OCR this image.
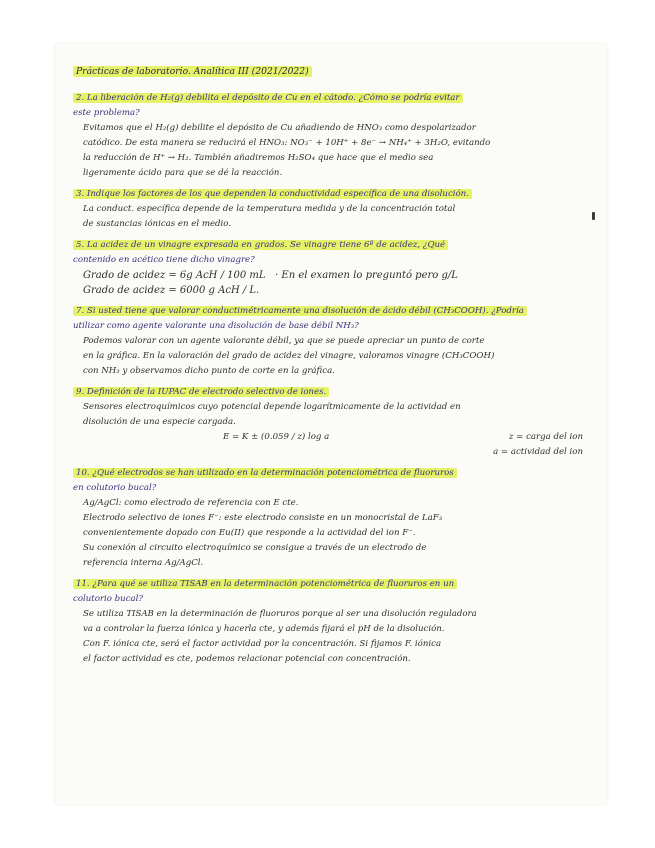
Prácticas de laboratorio. Analítica III (2021/2022)
2. La liberación de H₂(g) debilita el depósito de Cu en el cátodo. ¿Cómo se podría evitar
este problema?
Evitamos que el H₂(g) debilite el depósito de Cu añadiendo de HNO₃ como despolarizador
catódico. De esta manera se reducirá el HNO₃: NO₃⁻ + 10H⁺ + 8e⁻ → NH₄⁺ + 3H₂O, evitando
la reducción de H⁺ → H₂. También añadiremos H₂SO₄ que hace que el medio sea
ligeramente ácido para que se dé la reacción.
3. Indique los factores de los que dependen la conductividad específica de una disolución.
La conduct. específica depende de la temperatura medida y de la concentración total
de sustancias iónicas en el medio.
5. La acidez de un vinagre expresada en grados. Se vinagre tiene 6º de acidez, ¿Qué
contenido en acético tiene dicho vinagre?
Grado de acidez = 6g AcH / 100 mL · En el examen lo preguntó pero g/L
Grado de acidez = 6000 g AcH / L.
7. Si usted tiene que valorar conductimétricamente una disolución de ácido débil (CH₃COOH). ¿Podría
utilizar como agente valorante una disolución de base débil NH₃?
Podemos valorar con un agente valorante débil, ya que se puede apreciar un punto de corte
en la gráfica. En la valoración del grado de acidez del vinagre, valoramos vinagre (CH₃COOH)
con NH₃ y observamos dicho punto de corte en la gráfica.
9. Definición de la IUPAC de electrodo selectivo de iones.
Sensores electroquímicos cuyo potencial depende logarítmicamente de la actividad en
disolución de una especie cargada.
E = K ± (0.059 / z) log a	z = carga del ion
a = actividad del ion
10. ¿Qué electrodos se han utilizado en la determinación potenciométrica de fluoruros
en colutorio bucal?
Ag/AgCl: como electrodo de referencia con E cte.
Electrodo selectivo de iones F⁻: este electrodo consiste en un monocristal de LaF₃
convenientemente dopado con Eu(II) que responde a la actividad del ion F⁻.
Su conexión al circuito electroquímico se consigue a través de un electrodo de
referencia interna Ag/AgCl.
11. ¿Para qué se utiliza TISAB en la determinación potenciométrica de fluoruros en un
colutorio bucal?
Se utiliza TISAB en la determinación de fluoruros porque al ser una disolución reguladora
va a controlar la fuerza iónica y hacerla cte, y además fijará el pH de la disolución.
Con F. iónica cte, será el factor actividad por la concentración. Si fijamos F. iónica
el factor actividad es cte, podemos relacionar potencial con concentración.
